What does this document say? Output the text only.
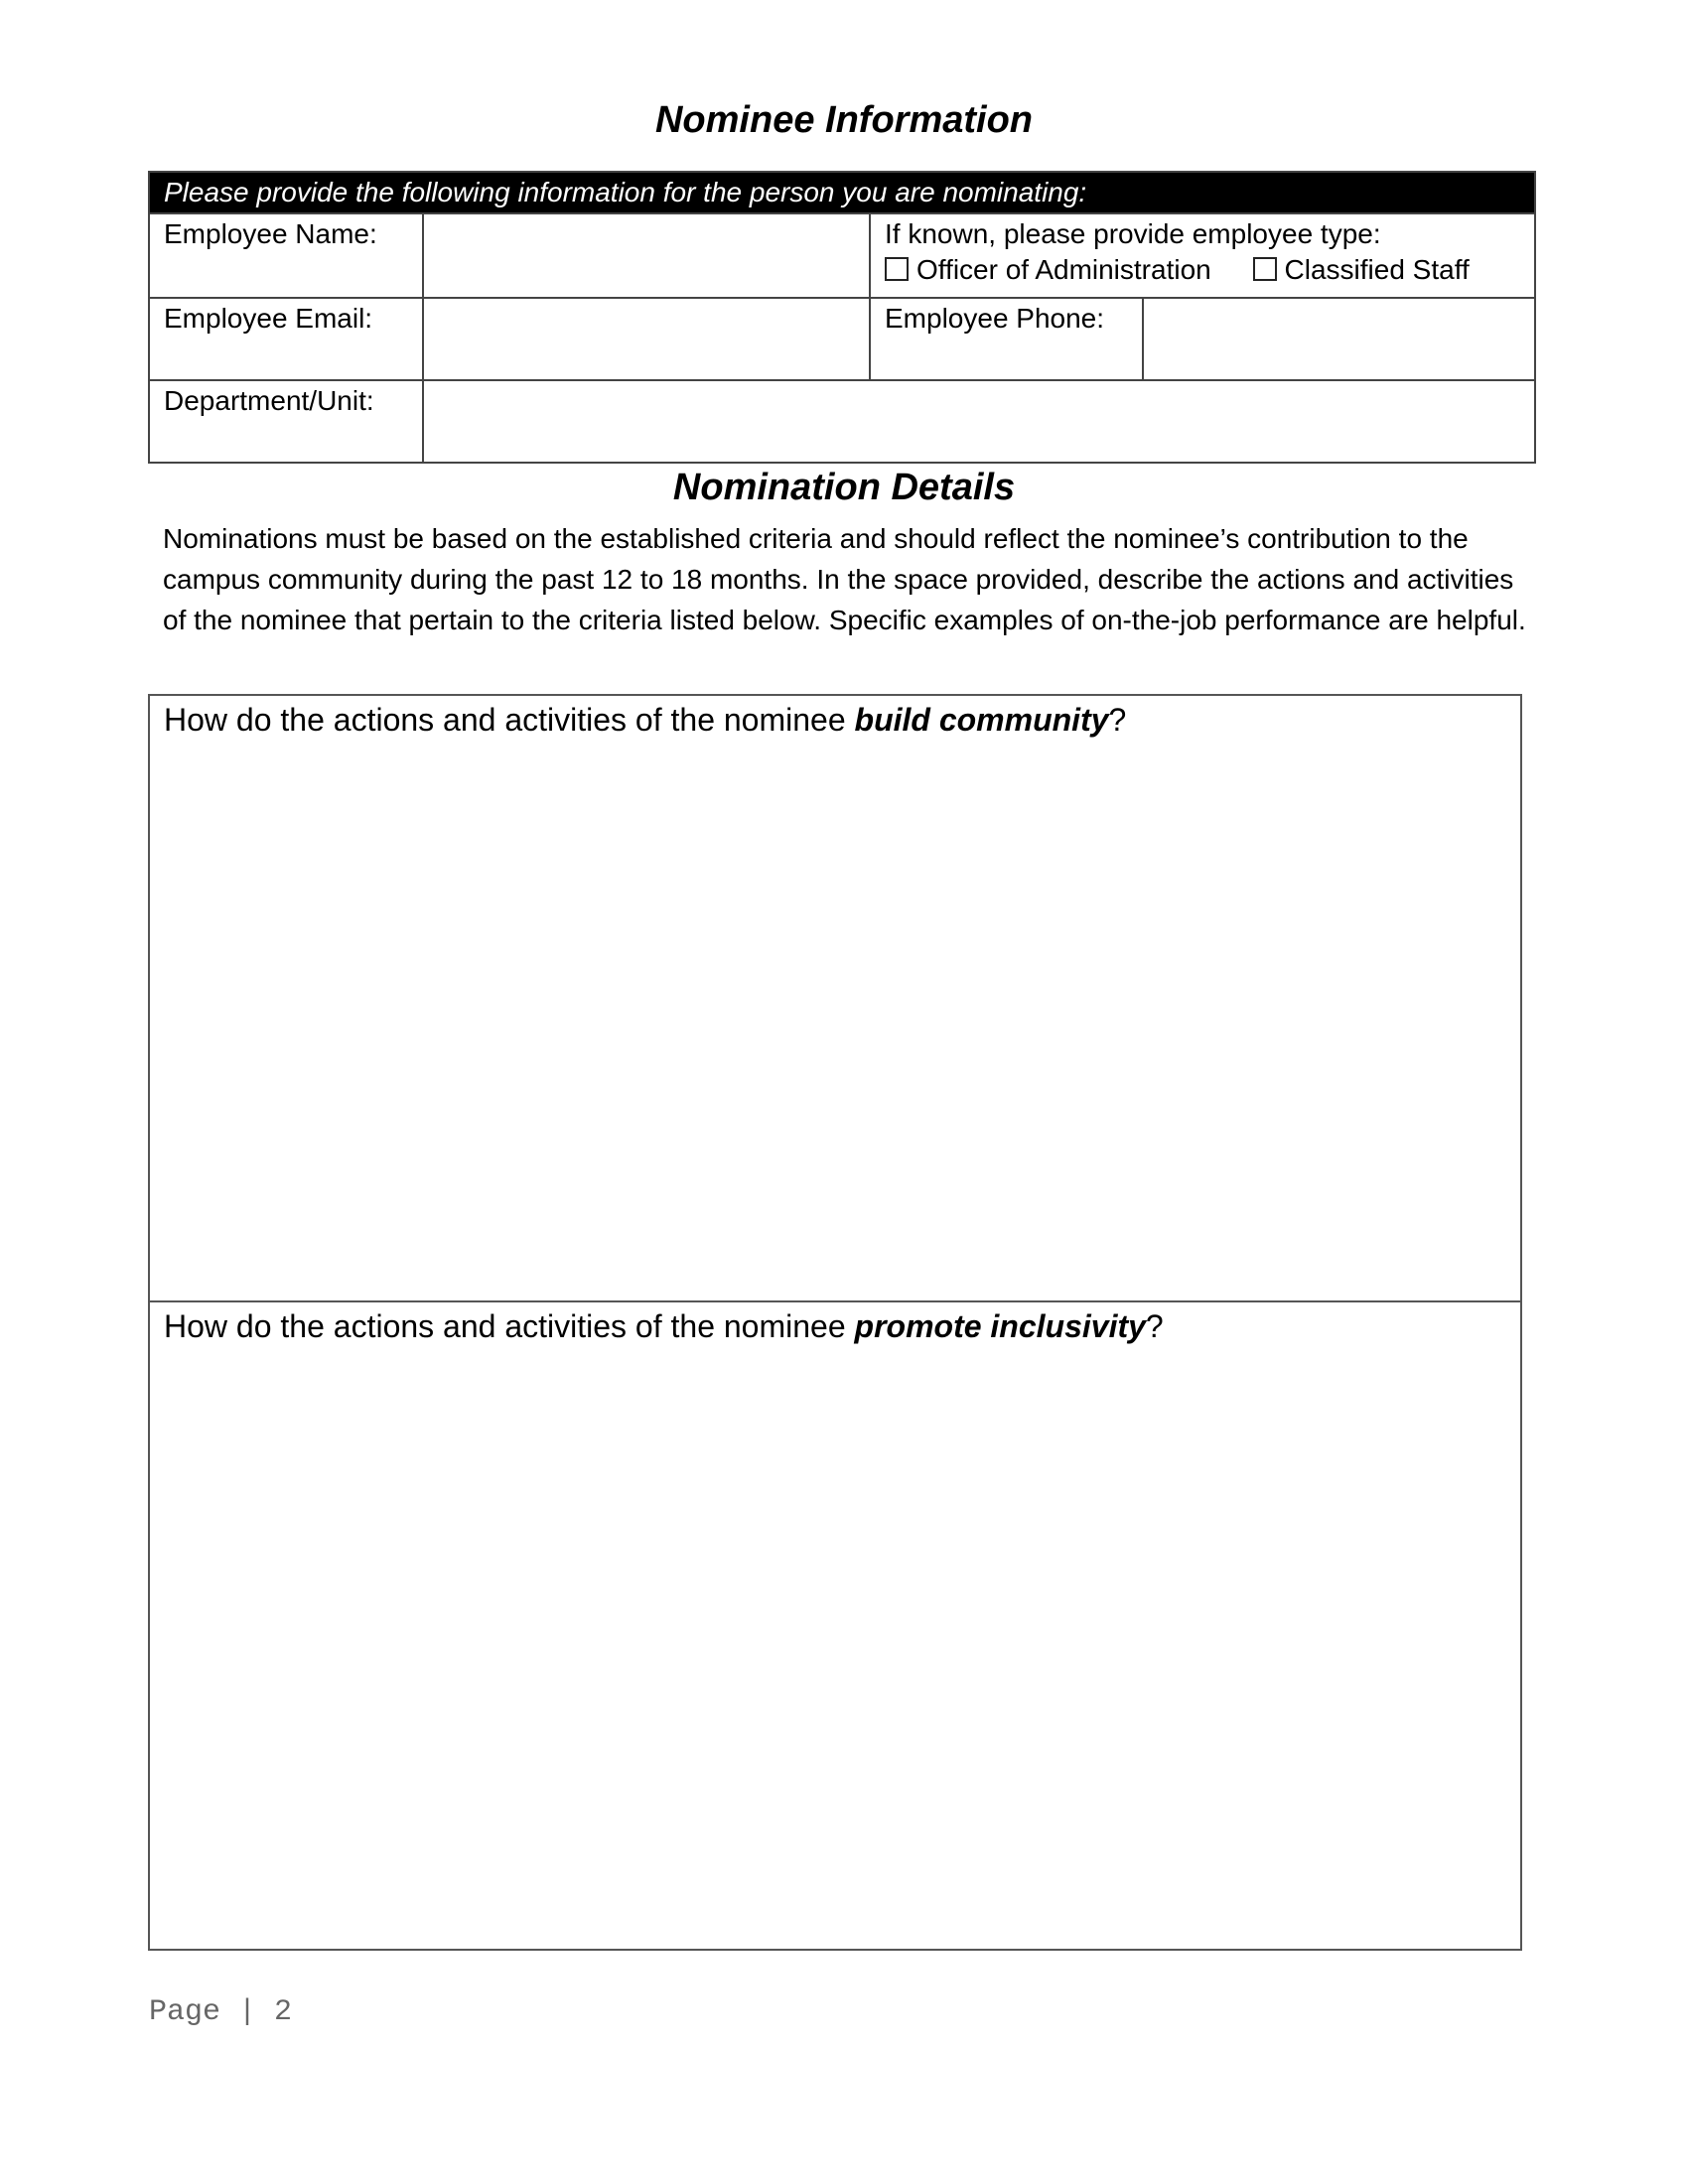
Nominee Information
Please provide the following information for the person you are nominating:			
Employee Name:		If known, please provide employee type:
Officer of Administration Classified Staff	

Employee Email:		Employee Phone:	
Department/Unit:			
Nomination Details
Nominations must be based on the established criteria and should reflect the nominee’s contribution to the campus community during the past 12 to 18 months. In the space provided, describe the actions and activities of the nominee that pertain to the criteria listed below. Specific examples of on-the-job performance are helpful.
How do the actions and activities of the nominee build community?
How do the actions and activities of the nominee promote inclusivity?
Page | 2
